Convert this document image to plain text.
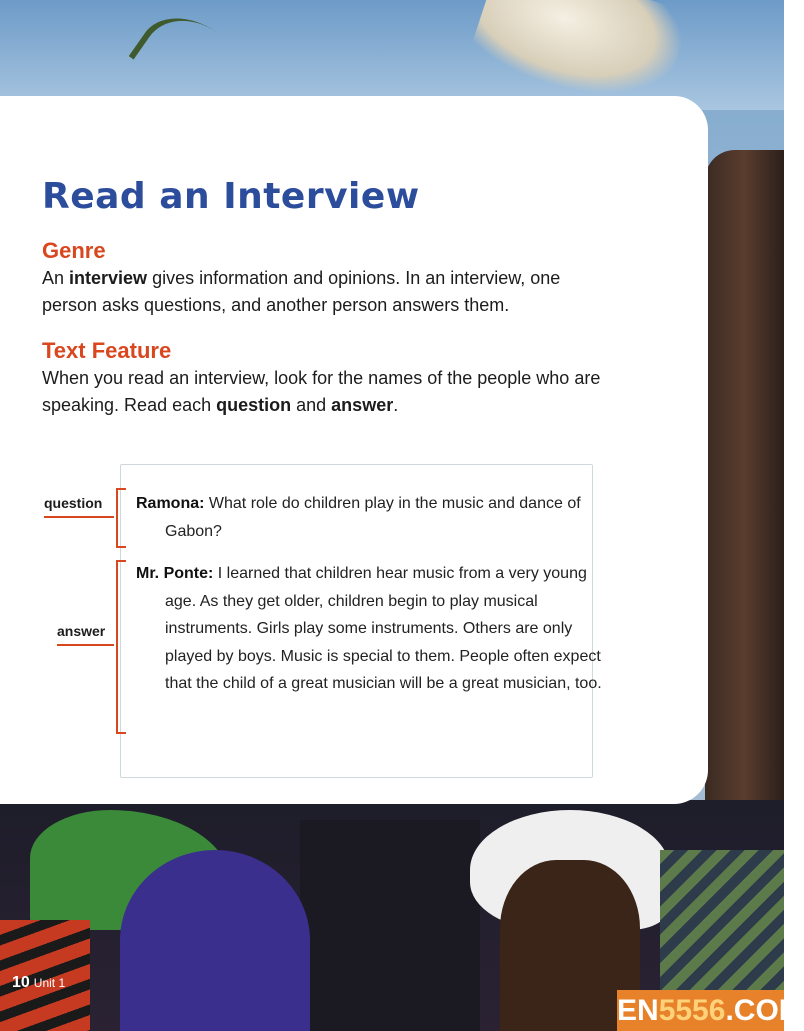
Read an Interview
Genre

An interview gives information and opinions. In an interview, one person asks questions, and another person answers them.

Text Feature

When you read an interview, look for the names of the people who are speaking. Read each question and answer.

Ramona: What role do children play in the music and dance of Gabon?

Mr. Ponte: I learned that children hear music from a very young age. As they get older, children begin to play musical instruments. Girls play some instruments. Others are only played by boys. Music is special to them. People often expect that the child of a great musician will be a great musician, too.

question

answer

10 Unit 1

EN5556.COM
